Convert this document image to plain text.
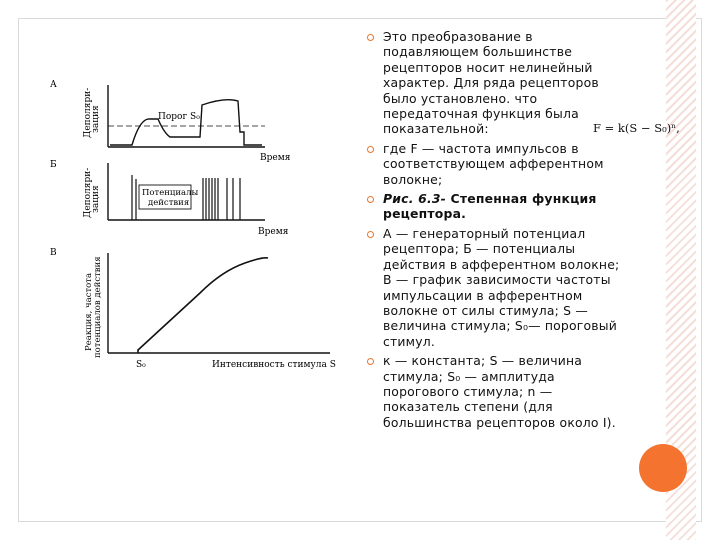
А
Деполяри-
зация	Порог S₀
Время
Б
Деполяри-
зация	Потенциалы
действия
Время
В
Реакция, частота потенциалов действия
S₀	Интенсивность стимула S
Это преобразование в подавляющем большинстве рецепторов носит нелинейный характер. Для ряда рецепторов было установлено. что передаточная функция была показательной:
где F — частота импульсов в соответствующем афферентном волокне;
Рис. 6.3- Степенная функция рецептора.
А — генераторный потенциал рецептора; Б — потенциалы действия в афферентном волокне; В — график зависимости частоты импульсации в афферентном волокне от силы стимула; S — величина стимула; S₀— пороговый стимул.
к — константа; S — величина стимула; S₀ — амплитуда порогового стимула; n — показатель степени (для большинства рецепторов около I).
F = k(S − S₀)ⁿ,
